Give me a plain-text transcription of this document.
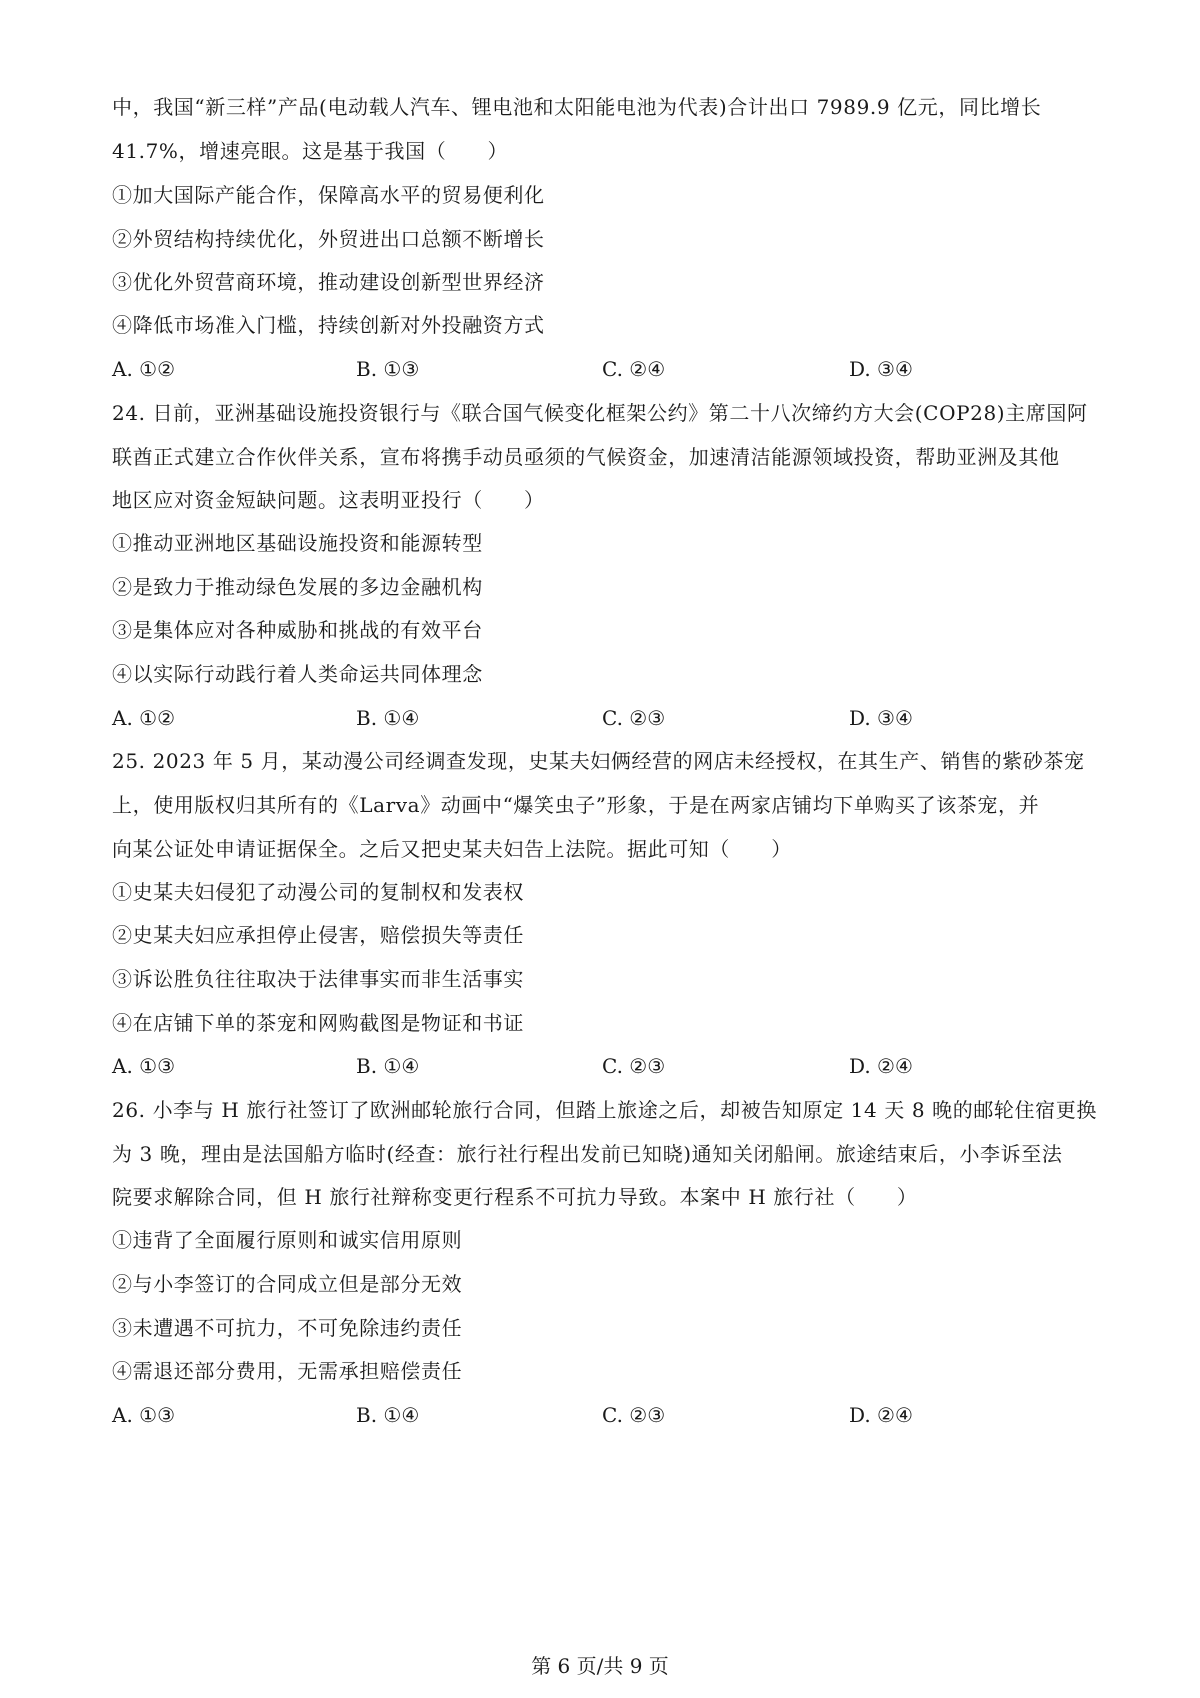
中，我国“新三样”产品(电动载人汽车、锂电池和太阳能电池为代表)合计出口 7989.9 亿元，同比增长
41.7%，增速亮眼。这是基于我国（　　）
①加大国际产能合作，保障高水平的贸易便利化
②外贸结构持续优化，外贸进出口总额不断增长
③优化外贸营商环境，推动建设创新型世界经济
④降低市场准入门槛，持续创新对外投融资方式
A. ①②	B. ①③	C. ②④	D. ③④
24. 日前，亚洲基础设施投资银行与《联合国气候变化框架公约》第二十八次缔约方大会(COP28)主席国阿
联酋正式建立合作伙伴关系，宣布将携手动员亟须的气候资金，加速清洁能源领域投资，帮助亚洲及其他
地区应对资金短缺问题。这表明亚投行（　　）
①推动亚洲地区基础设施投资和能源转型
②是致力于推动绿色发展的多边金融机构
③是集体应对各种威胁和挑战的有效平台
④以实际行动践行着人类命运共同体理念
A. ①②	B. ①④	C. ②③	D. ③④
25. 2023 年 5 月，某动漫公司经调查发现，史某夫妇俩经营的网店未经授权，在其生产、销售的紫砂茶宠
上，使用版权归其所有的《Larva》动画中“爆笑虫子”形象，于是在两家店铺均下单购买了该茶宠，并
向某公证处申请证据保全。之后又把史某夫妇告上法院。据此可知（　　）
①史某夫妇侵犯了动漫公司的复制权和发表权
②史某夫妇应承担停止侵害，赔偿损失等责任
③诉讼胜负往往取决于法律事实而非生活事实
④在店铺下单的茶宠和网购截图是物证和书证
A. ①③	B. ①④	C. ②③	D. ②④
26. 小李与 H 旅行社签订了欧洲邮轮旅行合同，但踏上旅途之后，却被告知原定 14 天 8 晚的邮轮住宿更换
为 3 晚，理由是法国船方临时(经查：旅行社行程出发前已知晓)通知关闭船闸。旅途结束后，小李诉至法
院要求解除合同，但 H 旅行社辩称变更行程系不可抗力导致。本案中 H 旅行社（　　）
①违背了全面履行原则和诚实信用原则
②与小李签订的合同成立但是部分无效
③未遭遇不可抗力，不可免除违约责任
④需退还部分费用，无需承担赔偿责任
A. ①③	B. ①④	C. ②③	D. ②④
第 6 页/共 9 页
